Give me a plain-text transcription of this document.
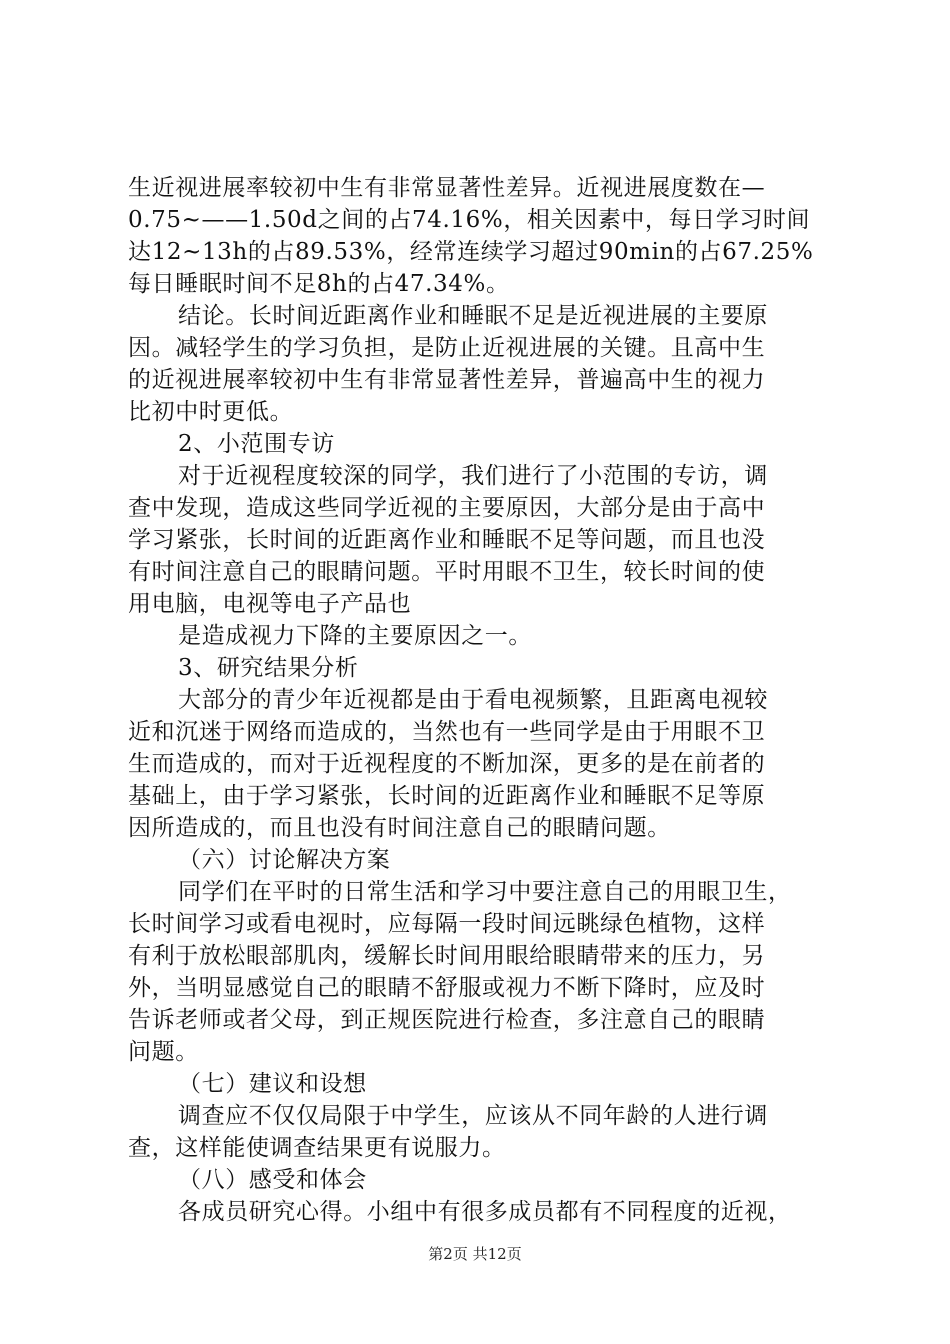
生近视进展率较初中生有非常显著性差异。近视进展度数在—
0.75~——1.50d之间的占74.16%，相关因素中，每日学习时间
达12~13h的占89.53%，经常连续学习超过90min的占67.25%
每日睡眠时间不足8h的占47.34%。
结论。长时间近距离作业和睡眠不足是近视进展的主要原
因。减轻学生的学习负担，是防止近视进展的关键。且高中生
的近视进展率较初中生有非常显著性差异，普遍高中生的视力
比初中时更低。
2、小范围专访
对于近视程度较深的同学，我们进行了小范围的专访，调
查中发现，造成这些同学近视的主要原因，大部分是由于高中
学习紧张，长时间的近距离作业和睡眠不足等问题，而且也没
有时间注意自己的眼睛问题。平时用眼不卫生，较长时间的使
用电脑，电视等电子产品也
是造成视力下降的主要原因之一。
3、研究结果分析
大部分的青少年近视都是由于看电视频繁，且距离电视较
近和沉迷于网络而造成的，当然也有一些同学是由于用眼不卫
生而造成的，而对于近视程度的不断加深，更多的是在前者的
基础上，由于学习紧张，长时间的近距离作业和睡眠不足等原
因所造成的，而且也没有时间注意自己的眼睛问题。
（六）讨论解决方案
同学们在平时的日常生活和学习中要注意自己的用眼卫生，
长时间学习或看电视时，应每隔一段时间远眺绿色植物，这样
有利于放松眼部肌肉，缓解长时间用眼给眼睛带来的压力，另
外，当明显感觉自己的眼睛不舒服或视力不断下降时，应及时
告诉老师或者父母，到正规医院进行检查，多注意自己的眼睛
问题。
（七）建议和设想
调查应不仅仅局限于中学生，应该从不同年龄的人进行调
查，这样能使调查结果更有说服力。
（八）感受和体会
各成员研究心得。小组中有很多成员都有不同程度的近视，
第2页 共12页
